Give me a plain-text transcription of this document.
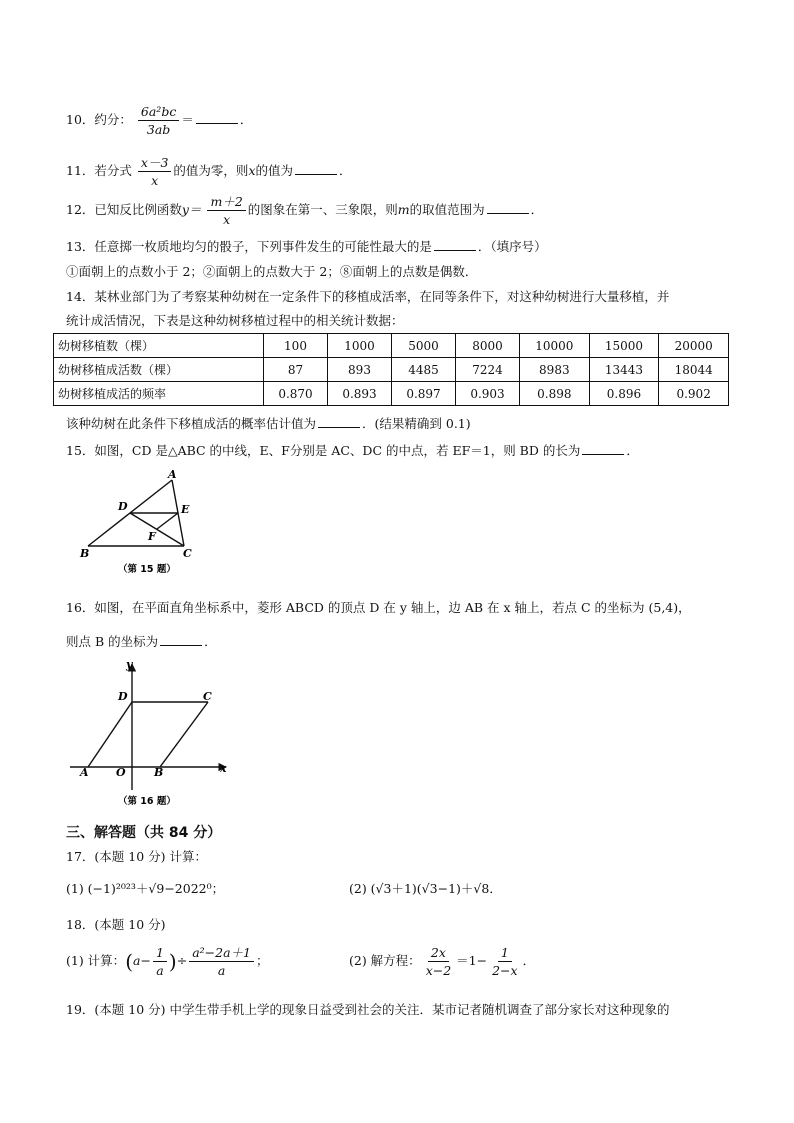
10．约分： $\frac{\text{6a²bc}}{3ab}$ ＝	．
11．若分式 $\frac{x-3}{x}$ 的值为零，则x的值为	．
12．已知反比例函数$y= \frac{m+2}{x}$ 的图象在第一、三象限，则m的取值范围为	．
13．任意掷一枚质地均匀的骰子，下列事件发生的可能性最大的是	．（填序号）
①面朝上的点数小于 2；②面朝上的点数大于 2；⑧面朝上的点数是偶数．
14．某林业部门为了考察某种幼树在一定条件下的移植成活率，在同等条件下，对这种幼树进行大量移植，并
统计成活情况，下表是这种幼树移植过程中的相关统计数据：
幼树移植数（棵）	100	1000	5000	8000	10000	15000	20000
幼树移植成活数（棵）	87	893	4485	7224	8983	13443	18044
幼树移植成活的频率	0.870	0.893	0.897	0.903	0.898	0.896	0.902
该种幼树在此条件下移植成活的概率估计值为	．(结果精确到 0.1)
15．如图，CD 是△ABC 的中线，E、F分别是 AC、DC 的中点，若 EF＝1，则 BD 的长为	．
A
B	C
D	E
F
（第 15 题）
16．如图，在平面直角坐标系中，菱形 ABCD 的顶点 D 在 y 轴上，边 AB 在 x 轴上，若点 C 的坐标为 (5,4)，
则点 B 的坐标为	．
y
x
D	C
A O	B
（第 16 题）
三、解答题（共 84 分）
17．(本题 10 分) 计算：
(1) (−1)²⁰²³＋√9−2022⁰；	(2) (√3＋1)(√3−1)＋√8．
18．(本题 10 分)
(1) 计算：($a- \frac{1}{a}$ )÷ $\frac{\text{a²−2a＋1}}{a}$ ；	(2) 解方程： $\frac{2x}{x-2} =1- \frac{1}{2-x}$ ．
19．(本题 10 分) 中学生带手机上学的现象日益受到社会的关注．某市记者随机调查了部分家长对这种现象的
